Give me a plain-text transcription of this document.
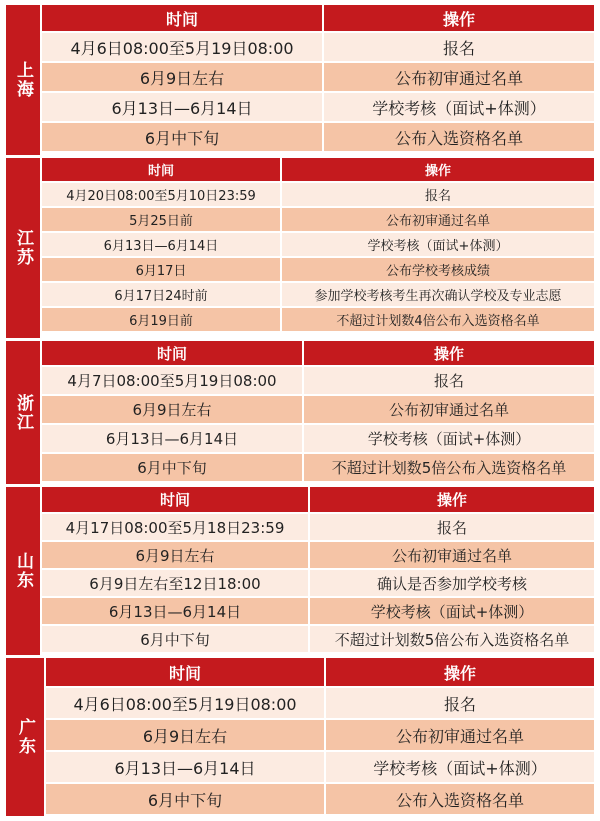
上海
时间	操作
4月6日08:00至5月19日08:00	报名
6月9日左右	公布初审通过名单
6月13日—6月14日	学校考核（面试+体测）
6月中下旬	公布入选资格名单
江苏
时间	操作
4月20日08:00至5月10日23:59	报名
5月25日前	公布初审通过名单
6月13日—6月14日	学校考核（面试+体测）
6月17日	公布学校考核成绩
6月17日24时前	参加学校考核考生再次确认学校及专业志愿
6月19日前	不超过计划数4倍公布入选资格名单
浙江
时间	操作
4月7日08:00至5月19日08:00	报名
6月9日左右	公布初审通过名单
6月13日—6月14日	学校考核（面试+体测）
6月中下旬	不超过计划数5倍公布入选资格名单
山东
时间	操作
4月17日08:00至5月18日23:59	报名
6月9日左右	公布初审通过名单
6月9日左右至12日18:00	确认是否参加学校考核
6月13日—6月14日	学校考核（面试+体测）
6月中下旬	不超过计划数5倍公布入选资格名单
广东
时间	操作
4月6日08:00至5月19日08:00	报名
6月9日左右	公布初审通过名单
6月13日—6月14日	学校考核（面试+体测）
6月中下旬	公布入选资格名单
